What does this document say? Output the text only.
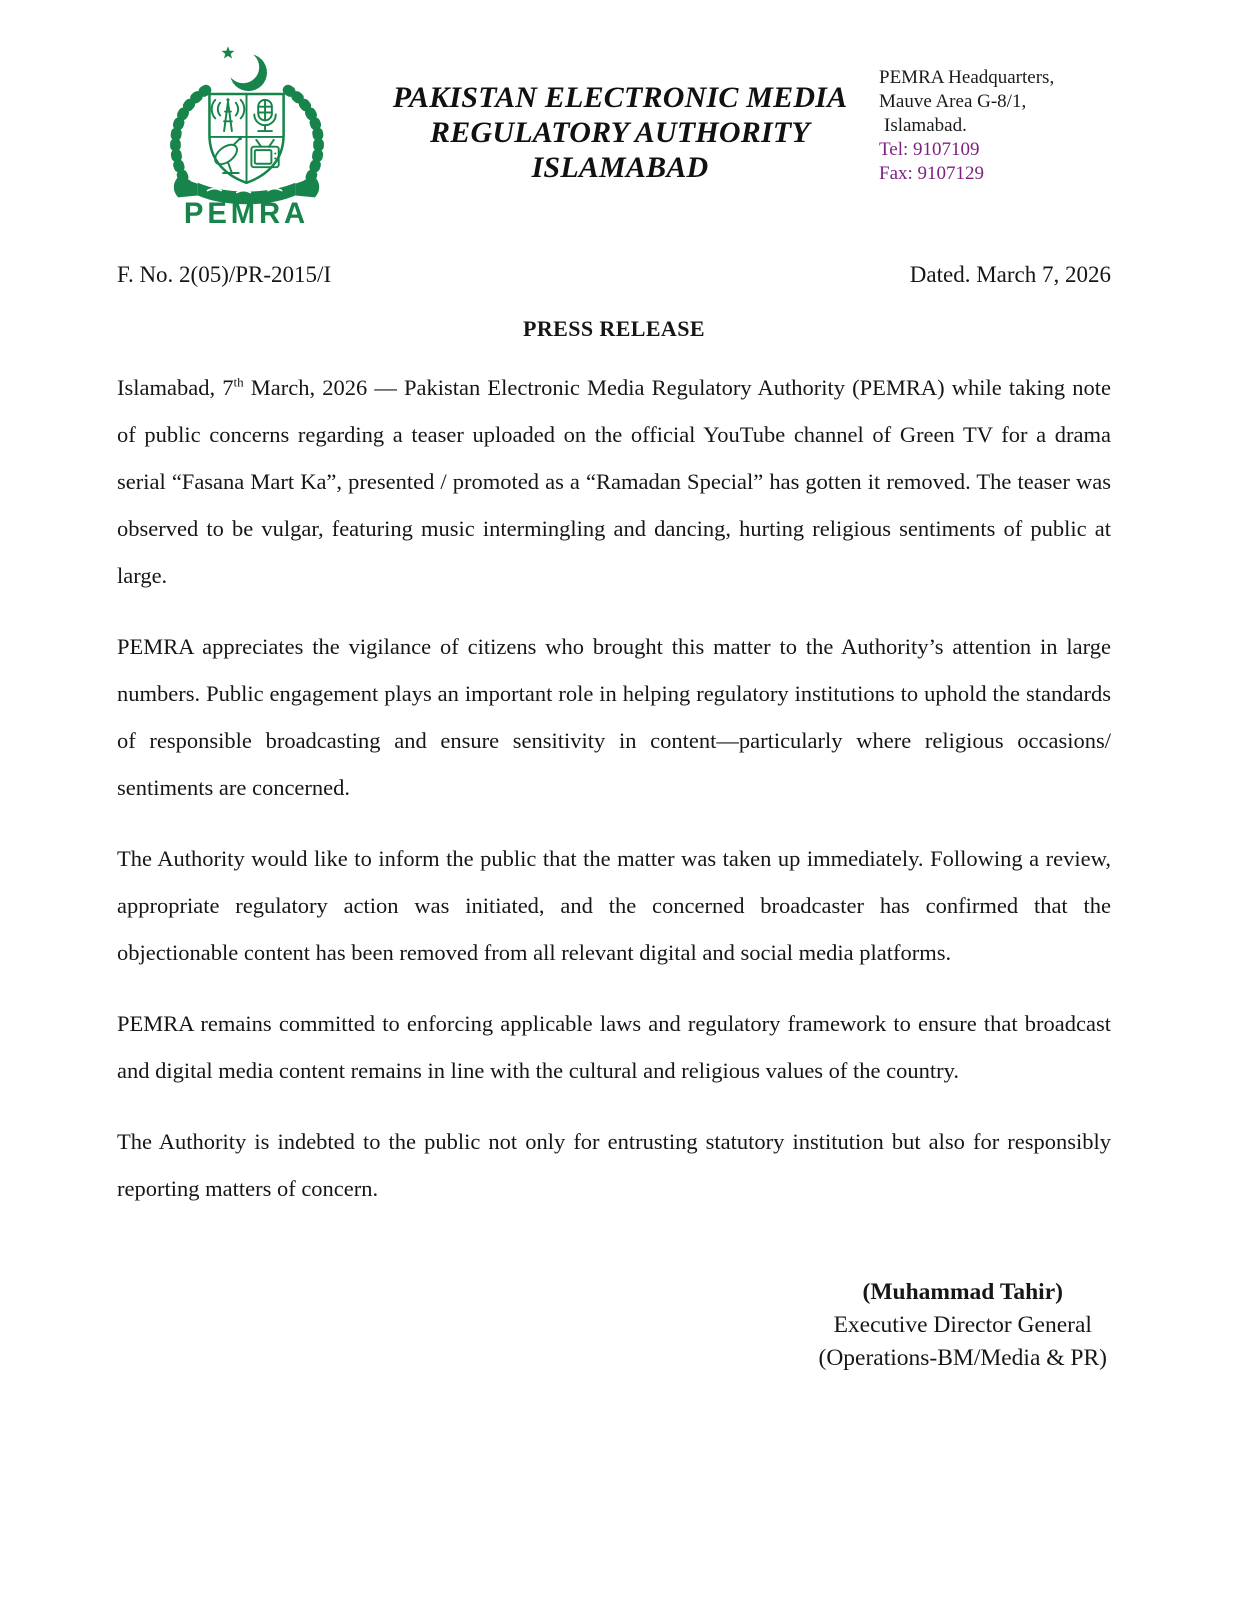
PEMRA
PAKISTAN ELECTRONIC MEDIA
REGULATORY AUTHORITY
ISLAMABAD
PEMRA Headquarters,
Mauve Area G-8/1,
Islamabad.
Tel: 9107109
Fax: 9107129
F. No. 2(05)/PR-2015/I	Dated. March 7, 2026
PRESS RELEASE

Islamabad, 7th March, 2026 — Pakistan Electronic Media Regulatory Authority (PEMRA) while taking note of public concerns regarding a teaser uploaded on the official YouTube channel of Green TV for a drama serial “Fasana Mart Ka”, presented / promoted as a “Ramadan Special” has gotten it removed. The teaser was observed to be vulgar, featuring music intermingling and dancing, hurting religious sentiments of public at large.

PEMRA appreciates the vigilance of citizens who brought this matter to the Authority’s attention in large numbers. Public engagement plays an important role in helping regulatory institutions to uphold the standards of responsible broadcasting and ensure sensitivity in content—particularly where religious occasions/ sentiments are concerned.

The Authority would like to inform the public that the matter was taken up immediately. Following a review, appropriate regulatory action was initiated, and the concerned broadcaster has confirmed that the objectionable content has been removed from all relevant digital and social media platforms.

PEMRA remains committed to enforcing applicable laws and regulatory framework to ensure that broadcast and digital media content remains in line with the cultural and religious values of the country.

The Authority is indebted to the public not only for entrusting statutory institution but also for responsibly reporting matters of concern.

(Muhammad Tahir)
Executive Director General
(Operations-BM/Media & PR)
